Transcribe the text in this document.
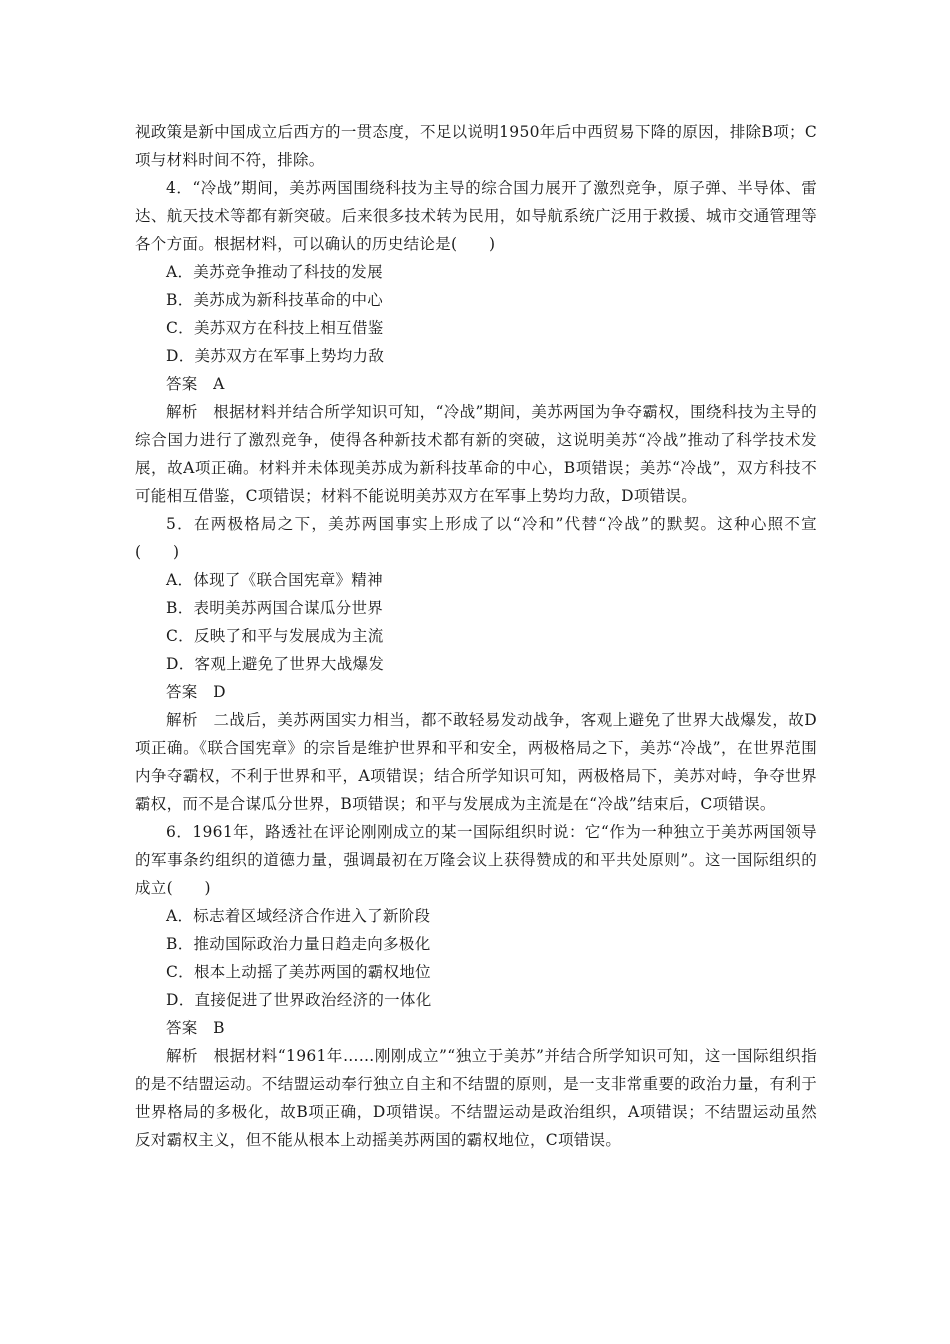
视政策是新中国成立后西方的一贯态度，不足以说明1950年后中西贸易下降的原因，排除B项；C项与材料时间不符，排除。

4．“冷战”期间，美苏两国围绕科技为主导的综合国力展开了激烈竞争，原子弹、半导体、雷达、航天技术等都有新突破。后来很多技术转为民用，如导航系统广泛用于救援、城市交通管理等各个方面。根据材料，可以确认的历史结论是(　　)

A．美苏竞争推动了科技的发展

B．美苏成为新科技革命的中心

C．美苏双方在科技上相互借鉴

D．美苏双方在军事上势均力敌

答案 A

解析 根据材料并结合所学知识可知，“冷战”期间，美苏两国为争夺霸权，围绕科技为主导的综合国力进行了激烈竞争，使得各种新技术都有新的突破，这说明美苏“冷战”推动了科学技术发展，故A项正确。材料并未体现美苏成为新科技革命的中心，B项错误；美苏“冷战”，双方科技不可能相互借鉴，C项错误；材料不能说明美苏双方在军事上势均力敌，D项错误。

5．在两极格局之下，美苏两国事实上形成了以“冷和”代替“冷战”的默契。这种心照不宣(　　)

A．体现了《联合国宪章》精神

B．表明美苏两国合谋瓜分世界

C．反映了和平与发展成为主流

D．客观上避免了世界大战爆发

答案 D

解析 二战后，美苏两国实力相当，都不敢轻易发动战争，客观上避免了世界大战爆发，故D项正确。《联合国宪章》的宗旨是维护世界和平和安全，两极格局之下，美苏“冷战”，在世界范围内争夺霸权，不利于世界和平，A项错误；结合所学知识可知，两极格局下，美苏对峙，争夺世界霸权，而不是合谋瓜分世界，B项错误；和平与发展成为主流是在“冷战”结束后，C项错误。

6．1961年，路透社在评论刚刚成立的某一国际组织时说：它“作为一种独立于美苏两国领导的军事条约组织的道德力量，强调最初在万隆会议上获得赞成的和平共处原则”。这一国际组织的成立(　　)

A．标志着区域经济合作进入了新阶段

B．推动国际政治力量日趋走向多极化

C．根本上动摇了美苏两国的霸权地位

D．直接促进了世界政治经济的一体化

答案 B

解析 根据材料“1961年……刚刚成立”“独立于美苏”并结合所学知识可知，这一国际组织指的是不结盟运动。不结盟运动奉行独立自主和不结盟的原则，是一支非常重要的政治力量，有利于世界格局的多极化，故B项正确，D项错误。不结盟运动是政治组织，A项错误；不结盟运动虽然反对霸权主义，但不能从根本上动摇美苏两国的霸权地位，C项错误。
